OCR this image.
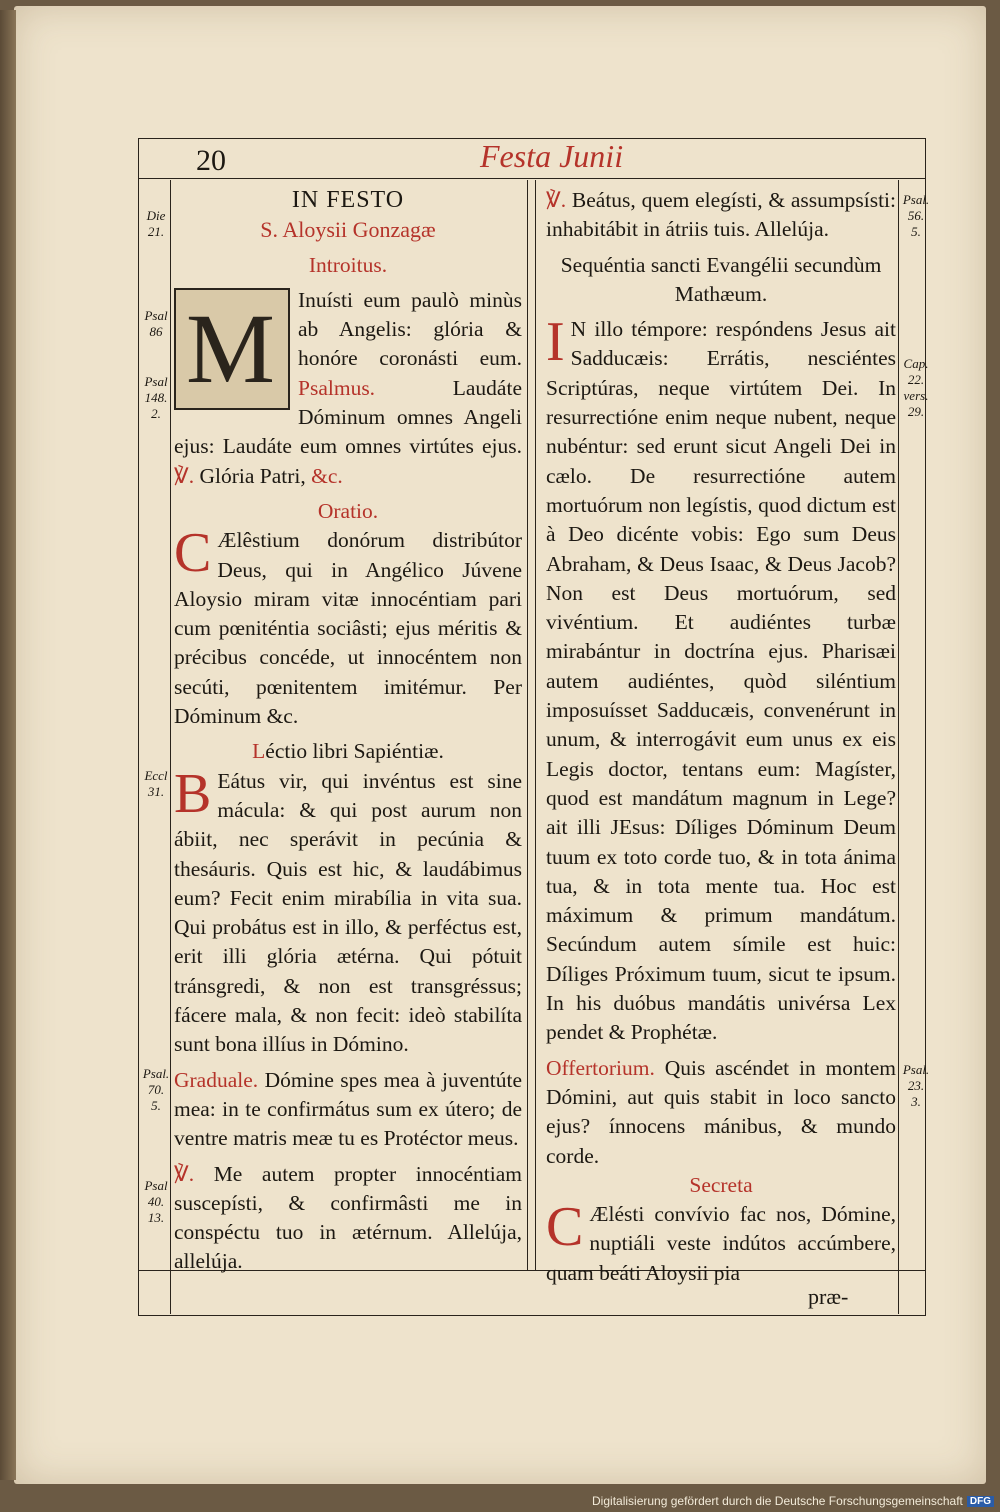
20	Festa Junii
Die 21.
Psal 86
Psal 148. 2.
Eccl 31.
Psal. 70. 5.
Psal 40. 13.
Psal. 56. 5.
Cap. 22. vers. 29.
Psal. 23. 3.

IN FESTO

S. Aloysii Gonzagæ

Introitus.

M Inuísti eum paulò minùs ab Angelis: glória & honóre coronásti eum. Psalmus.	Laudáte Dóminum omnes Angeli ejus: Laudáte eum omnes virtútes ejus. ℣. Glória Patri, &c.

Oratio.

C Ælêstium donórum distribútor Deus, qui in Angélico Júvene Aloysio miram vitæ innocéntiam pari cum pœniténtia sociâsti; ejus méritis & précibus concéde, ut innocéntem non secúti, pœnitentem imitémur. Per Dóminum &c.

Léctio libri Sapiéntiæ.

B Eátus vir, qui invéntus est sine mácula: & qui post aurum non ábiit, nec sperávit in pecúnia & thesáuris. Quis est hic, & laudábimus eum? Fecit enim mirabília in vita sua. Qui probátus est in illo, & perféctus est, erit illi glória ætérna. Qui pótuit tránsgredi, & non est transgréssus; fácere mala, & non fecit: ideò stabilíta sunt bona illíus in Dómino.

Graduale. Dómine spes mea à juventúte mea: in te confirmátus sum ex útero; de ventre matris meæ tu es Protéctor meus.

℣. Me autem propter innocéntiam suscepísti, & confirmâsti me in conspéctu tuo in ætérnum. Allelúja, allelúja.

℣. Beátus, quem elegísti, & assumpsísti: inhabitábit in átriis tuis. Allelúja.

Sequéntia sancti Evangélii secundùm Mathæum.

I N illo témpore: respóndens Jesus ait Sadducæis: Errátis, nesciéntes Scriptúras, neque virtútem Dei. In resurrectióne enim neque nubent, neque nubéntur: sed erunt sicut Angeli Dei in cælo. De resurrectióne autem mortuórum non legístis, quod dictum est à Deo dicénte vobis: Ego sum Deus Abraham, & Deus Isaac, & Deus Jacob? Non est Deus mortuórum, sed vivéntium. Et audiéntes turbæ mirabántur in doctrína ejus. Pharisæi autem audiéntes, quòd siléntium imposuísset Sadducæis, convenérunt in unum, & interrogávit eum unus ex eis Legis doctor, tentans eum: Magíster, quod est mandátum magnum in Lege? ait illi JEsus: Díliges Dóminum Deum tuum ex toto corde tuo, & in tota ánima tua, & in tota mente tua. Hoc est máximum & primum mandátum. Secúndum autem símile est huic: Díliges Próximum tuum, sicut te ipsum. In his duóbus mandátis univérsa Lex pendet & Prophétæ.

Offertorium. Quis ascéndet in montem Dómini, aut quis stabit in loco sancto ejus? ínnocens mánibus, & mundo corde.

Secreta

C Ælésti convívio fac nos, Dómine, nuptiáli veste indútos accúmbere, quam beáti Aloysii pia

præ-
Digitalisierung gefördert durch die Deutsche Forschungsgemeinschaft DFG
